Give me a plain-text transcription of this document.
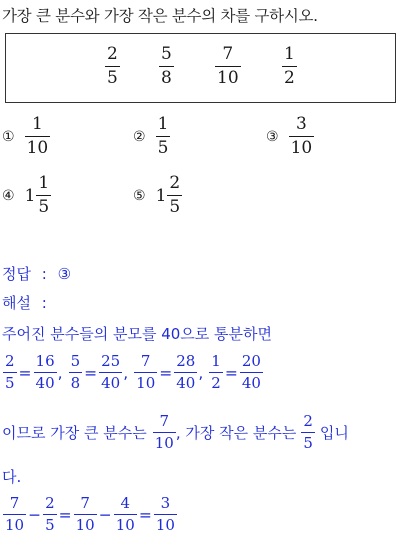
가장 큰 분수와 가장 작은 분수의 차를 구하시오.
$\frac{2}{5} \frac{5}{8} \frac{7}{10} \frac{1}{2}$
① $\frac{1}{10}$	② $\frac{1}{5}$	③ $\frac{3}{10}$
④ $1 \frac{1}{5}$	⑤ $1 \frac{2}{5}$
정답 : ③
해설 :
주어진 분수들의 분모를 40으로 통분하면
$\frac{2}{5} = \frac{16}{40}$ , $\frac{5}{8} = \frac{25}{40}$ , $\frac{7}{10} = \frac{28}{40}$ , $\frac{1}{2} = \frac{20}{40}$
이므로 가장 큰 분수는 $\frac{7}{10}$ , 가장 작은 분수는 $\frac{2}{5}$ 입니
다.
$\frac{7}{10} - \frac{2}{5} = \frac{7}{10} - \frac{4}{10} = \frac{3}{10}$
